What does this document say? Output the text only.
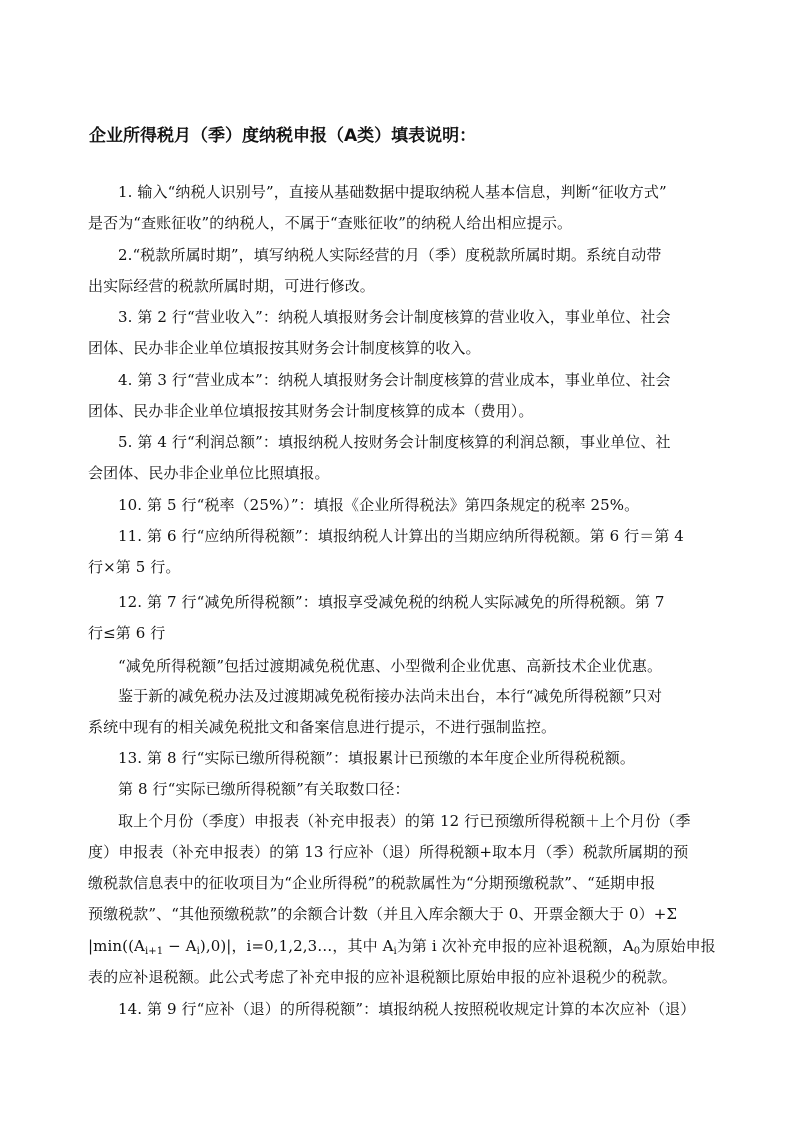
企业所得税月（季）度纳税申报（A类）填表说明：
1. 输入“纳税人识别号”，直接从基础数据中提取纳税人基本信息，判断“征收方式”
是否为“查账征收”的纳税人，不属于“查账征收”的纳税人给出相应提示。
2.“税款所属时期”，填写纳税人实际经营的月（季）度税款所属时期。系统自动带
出实际经营的税款所属时期，可进行修改。
3. 第 2 行“营业收入”：纳税人填报财务会计制度核算的营业收入，事业单位、社会
团体、民办非企业单位填报按其财务会计制度核算的收入。
4. 第 3 行“营业成本”：纳税人填报财务会计制度核算的营业成本，事业单位、社会
团体、民办非企业单位填报按其财务会计制度核算的成本（费用）。
5. 第 4 行“利润总额”：填报纳税人按财务会计制度核算的利润总额，事业单位、社
会团体、民办非企业单位比照填报。
10. 第 5 行“税率（25%）”：填报《企业所得税法》第四条规定的税率 25%。
11. 第 6 行“应纳所得税额”：填报纳税人计算出的当期应纳所得税额。第 6 行＝第 4
行×第 5 行。
12. 第 7 行“减免所得税额”：填报享受减免税的纳税人实际减免的所得税额。第 7
行≤第 6 行
“减免所得税额”包括过渡期减免税优惠、小型微利企业优惠、高新技术企业优惠。
鉴于新的减免税办法及过渡期减免税衔接办法尚未出台，本行“减免所得税额”只对
系统中现有的相关减免税批文和备案信息进行提示，不进行强制监控。
13. 第 8 行“实际已缴所得税额”：填报累计已预缴的本年度企业所得税税额。
第 8 行“实际已缴所得税额”有关取数口径：
取上个月份（季度）申报表（补充申报表）的第 12 行已预缴所得税额＋上个月份（季
度）申报表（补充申报表）的第 13 行应补（退）所得税额+取本月（季）税款所属期的预
缴税款信息表中的征收项目为“企业所得税”的税款属性为“分期预缴税款”、“延期申报
预缴税款”、“其他预缴税款”的余额合计数（并且入库余额大于 0、开票金额大于 0）+Σ
$|\min((A_{i+1} - A_i),0)|$，i=0,1,2,3…，其中 $A_i$为第 i 次补充申报的应补退税额，$A_0$为原始申报
表的应补退税额。此公式考虑了补充申报的应补退税额比原始申报的应补退税少的税款。
14. 第 9 行“应补（退）的所得税额”：填报纳税人按照税收规定计算的本次应补（退）
